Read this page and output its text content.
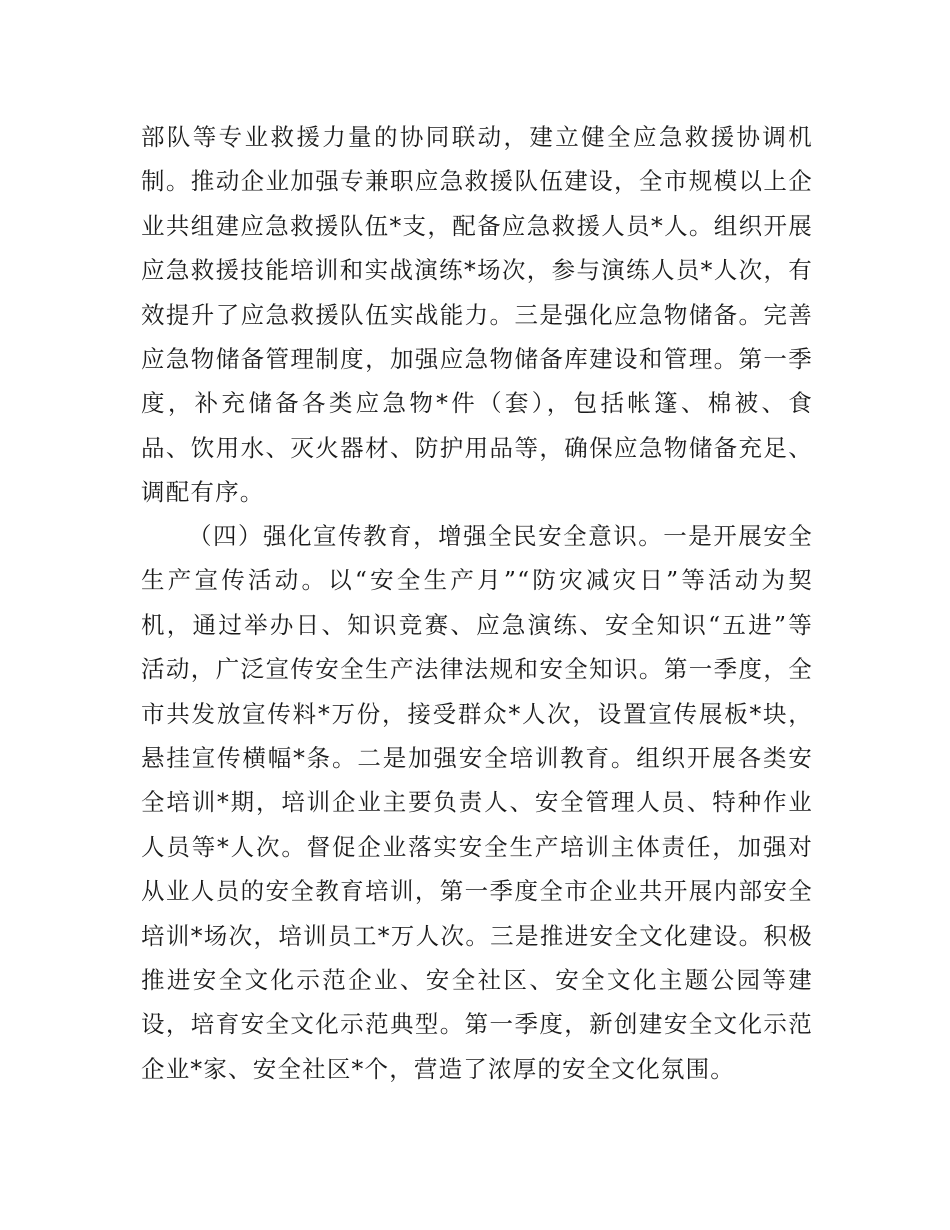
部队等专业救援力量的协同联动，建立健全应急救援协调机
制。推动企业加强专兼职应急救援队伍建设，全市规模以上企
业共组建应急救援队伍*支，配备应急救援人员*人。组织开展
应急救援技能培训和实战演练*场次，参与演练人员*人次，有
效提升了应急救援队伍实战能力。三是强化应急物储备。完善
应急物储备管理制度，加强应急物储备库建设和管理。第一季
度，补充储备各类应急物*件（套），包括帐篷、棉被、食
品、饮用水、灭火器材、防护用品等，确保应急物储备充足、
调配有序。
（四）强化宣传教育，增强全民安全意识。一是开展安全
生产宣传活动。以“安全生产月”“防灾减灾日”等活动为契
机，通过举办日、知识竞赛、应急演练、安全知识“五进”等
活动，广泛宣传安全生产法律法规和安全知识。第一季度，全
市共发放宣传料*万份，接受群众*人次，设置宣传展板*块，
悬挂宣传横幅*条。二是加强安全培训教育。组织开展各类安
全培训*期，培训企业主要负责人、安全管理人员、特种作业
人员等*人次。督促企业落实安全生产培训主体责任，加强对
从业人员的安全教育培训，第一季度全市企业共开展内部安全
培训*场次，培训员工*万人次。三是推进安全文化建设。积极
推进安全文化示范企业、安全社区、安全文化主题公园等建
设，培育安全文化示范典型。第一季度，新创建安全文化示范
企业*家、安全社区*个，营造了浓厚的安全文化氛围。
